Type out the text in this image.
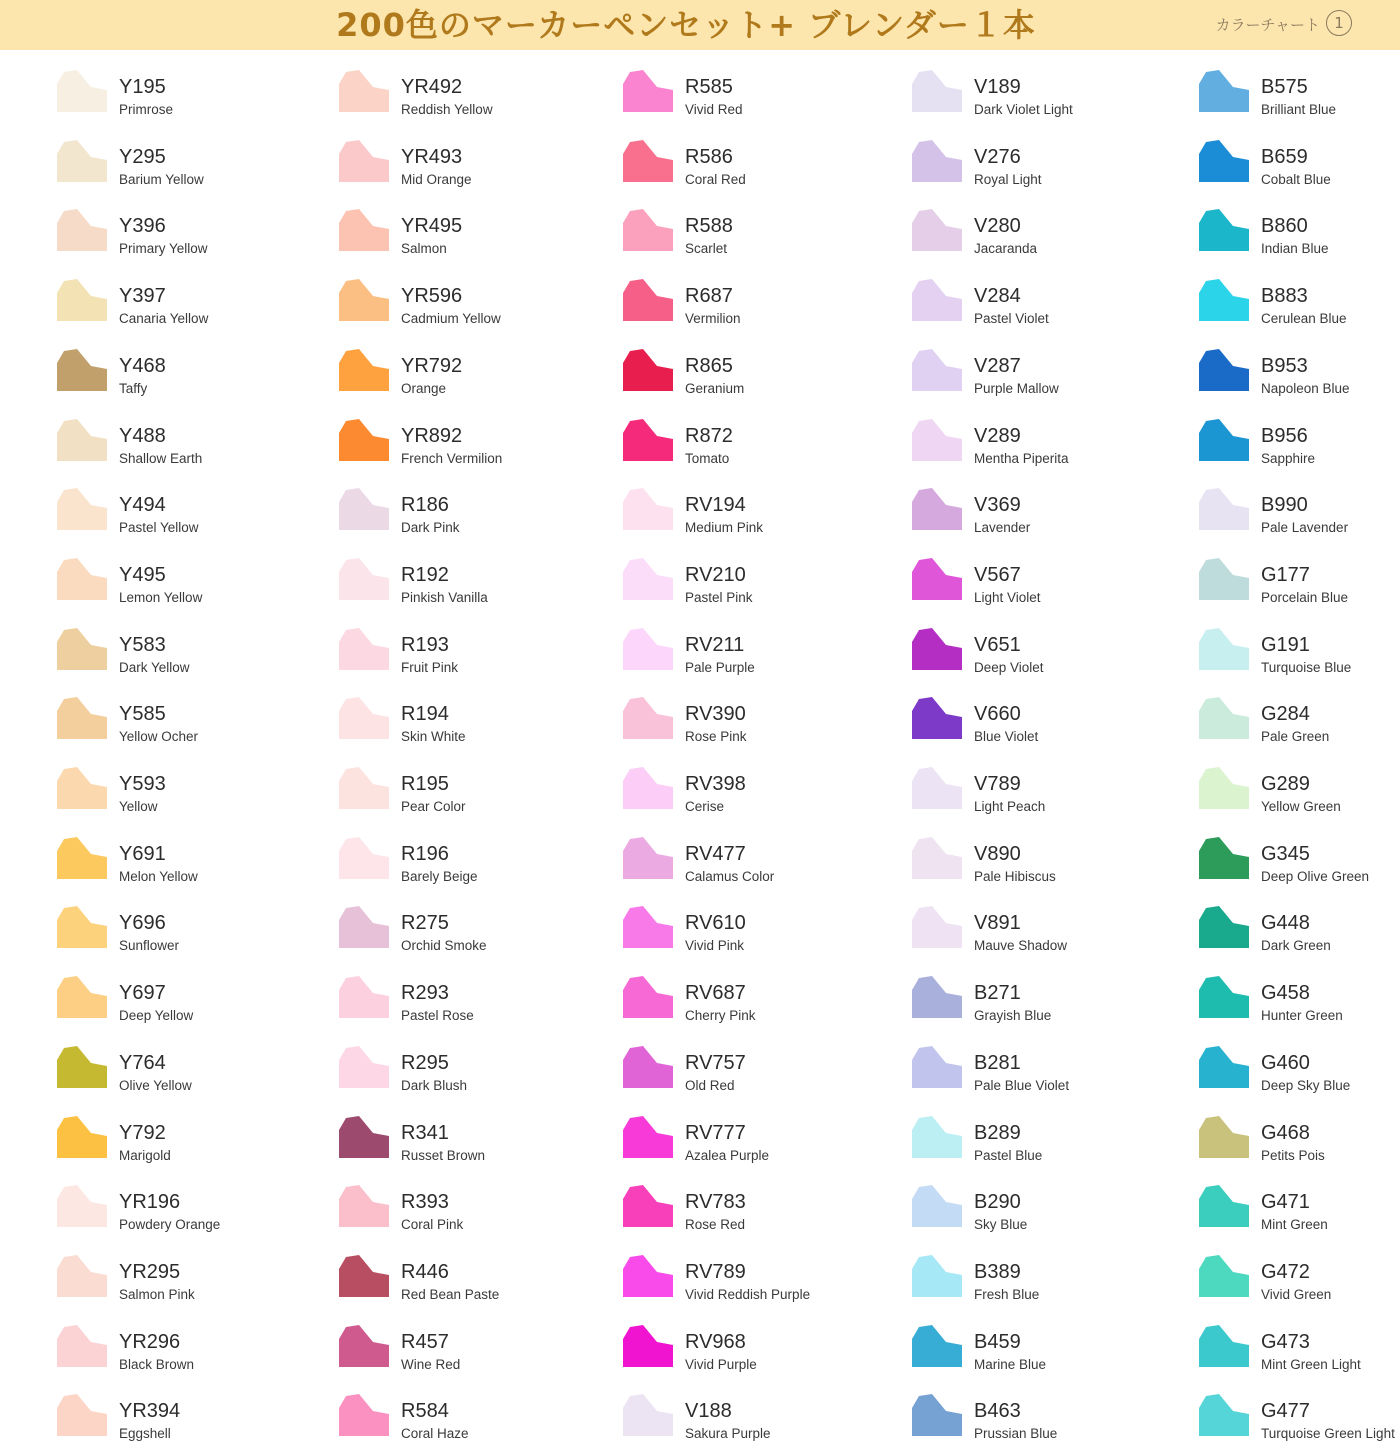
200色のマーカーペンセット+ ブレンダー１本	カラーチャート 1
Y195
Primrose
Y295
Barium Yellow
Y396
Primary Yellow
Y397
Canaria Yellow
Y468
Taffy
Y488
Shallow Earth
Y494
Pastel Yellow
Y495
Lemon Yellow
Y583
Dark Yellow
Y585
Yellow Ocher
Y593
Yellow
Y691
Melon Yellow
Y696
Sunflower
Y697
Deep Yellow
Y764
Olive Yellow
Y792
Marigold
YR196
Powdery Orange
YR295
Salmon Pink
YR296
Black Brown
YR394
Eggshell
YR492
Reddish Yellow
YR493
Mid Orange
YR495
Salmon
YR596
Cadmium Yellow
YR792
Orange
YR892
French Vermilion
R186
Dark Pink
R192
Pinkish Vanilla
R193
Fruit Pink
R194
Skin White
R195
Pear Color
R196
Barely Beige
R275
Orchid Smoke
R293
Pastel Rose
R295
Dark Blush
R341
Russet Brown
R393
Coral Pink
R446
Red Bean Paste
R457
Wine Red
R584
Coral Haze
R585
Vivid Red
R586
Coral Red
R588
Scarlet
R687
Vermilion
R865
Geranium
R872
Tomato
RV194
Medium Pink
RV210
Pastel Pink
RV211
Pale Purple
RV390
Rose Pink
RV398
Cerise
RV477
Calamus Color
RV610
Vivid Pink
RV687
Cherry Pink
RV757
Old Red
RV777
Azalea Purple
RV783
Rose Red
RV789
Vivid Reddish Purple
RV968
Vivid Purple
V188
Sakura Purple
V189
Dark Violet Light
V276
Royal Light
V280
Jacaranda
V284
Pastel Violet
V287
Purple Mallow
V289
Mentha Piperita
V369
Lavender
V567
Light Violet
V651
Deep Violet
V660
Blue Violet
V789
Light Peach
V890
Pale Hibiscus
V891
Mauve Shadow
B271
Grayish Blue
B281
Pale Blue Violet
B289
Pastel Blue
B290
Sky Blue
B389
Fresh Blue
B459
Marine Blue
B463
Prussian Blue
B575
Brilliant Blue
B659
Cobalt Blue
B860
Indian Blue
B883
Cerulean Blue
B953
Napoleon Blue
B956
Sapphire
B990
Pale Lavender
G177
Porcelain Blue
G191
Turquoise Blue
G284
Pale Green
G289
Yellow Green
G345
Deep Olive Green
G448
Dark Green
G458
Hunter Green
G460
Deep Sky Blue
G468
Petits Pois
G471
Mint Green
G472
Vivid Green
G473
Mint Green Light
G477
Turquoise Green Light
